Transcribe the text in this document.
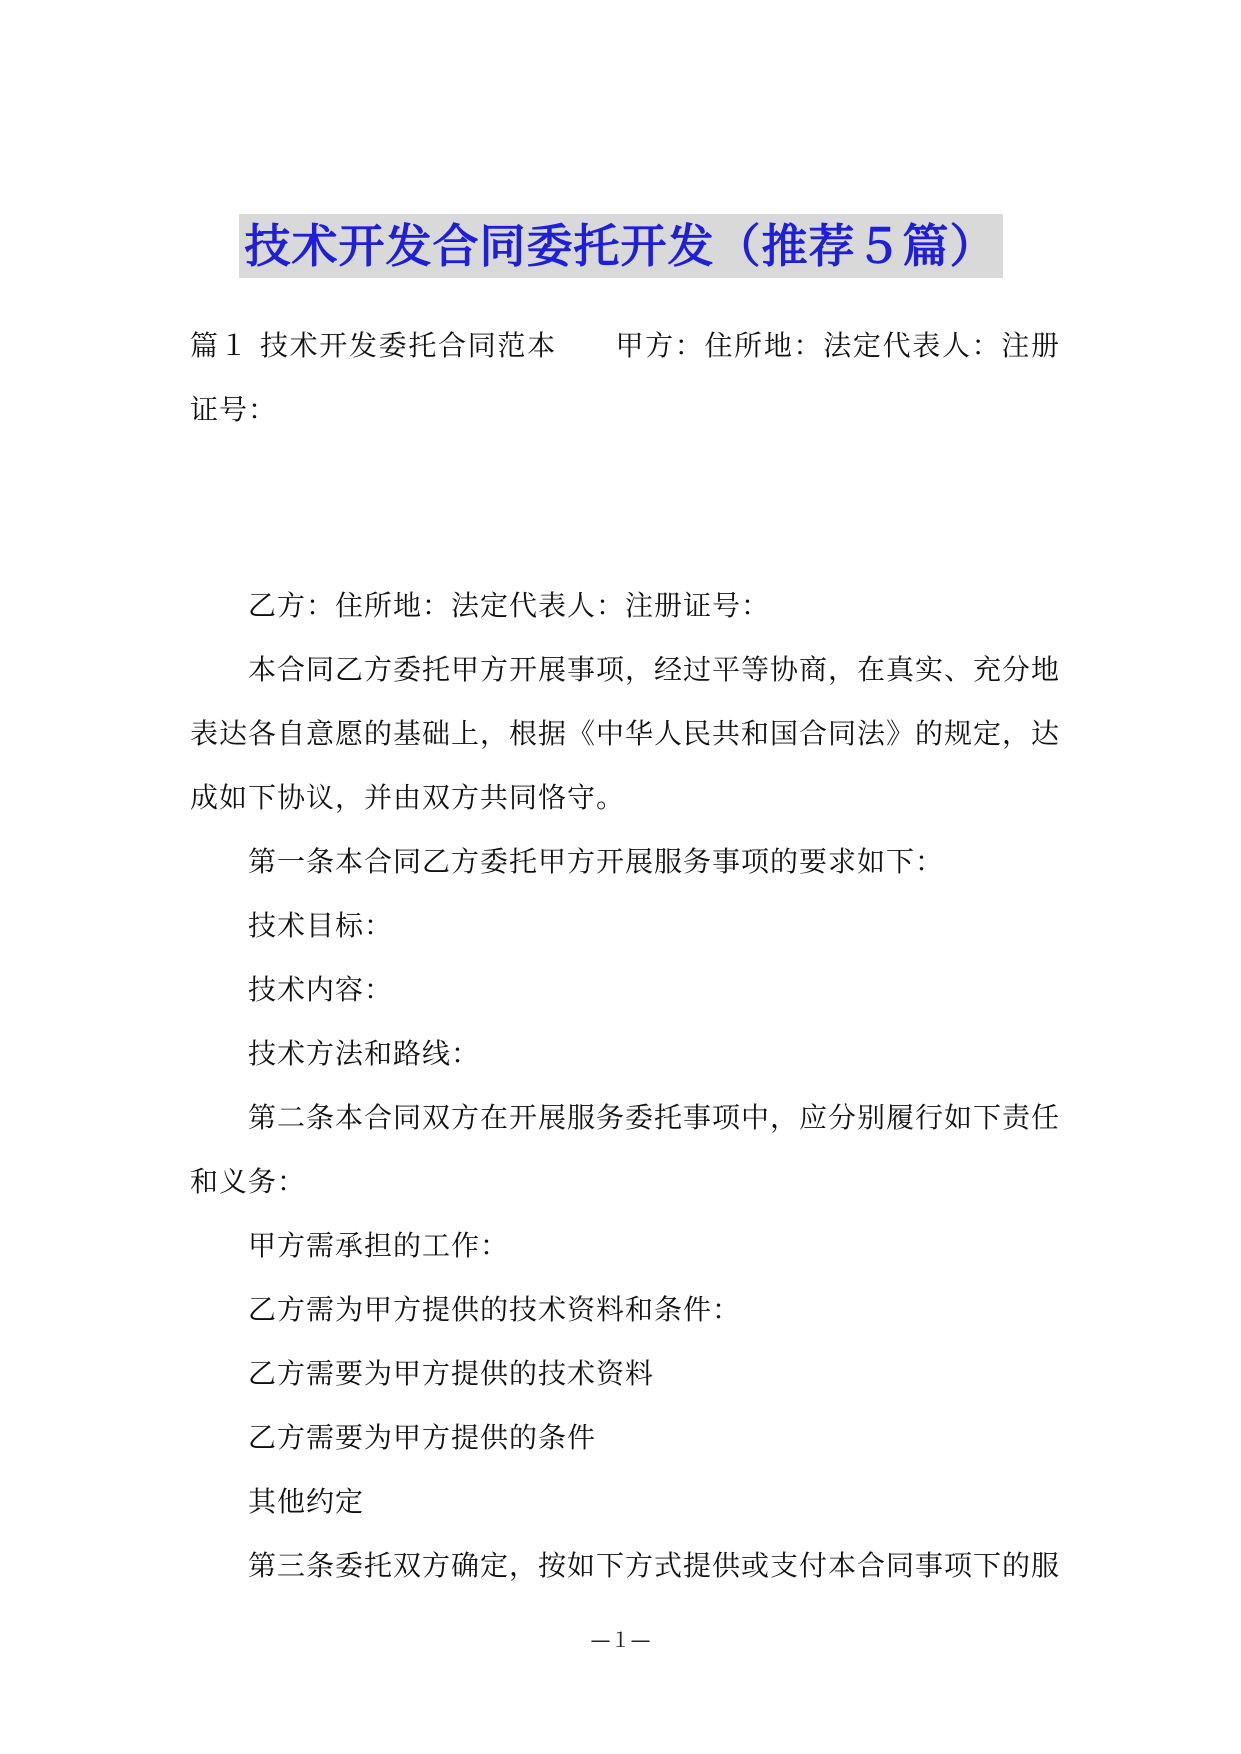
技术开发合同委托开发（推荐５篇）

篇１ 技术开发委托合同范本 甲方：住所地：法定代表人：注册证号：

乙方：住所地：法定代表人：注册证号：

本合同乙方委托甲方开展事项，经过平等协商，在真实、充分地表达各自意愿的基础上，根据《中华人民共和国合同法》的规定，达成如下协议，并由双方共同恪守。

第一条本合同乙方委托甲方开展服务事项的要求如下：

技术目标：

技术内容：

技术方法和路线：

第二条本合同双方在开展服务委托事项中，应分别履行如下责任和义务：

甲方需承担的工作：

乙方需为甲方提供的技术资料和条件：

乙方需要为甲方提供的技术资料

乙方需要为甲方提供的条件

其他约定

第三条委托双方确定，按如下方式提供或支付本合同事项下的服

—１—
